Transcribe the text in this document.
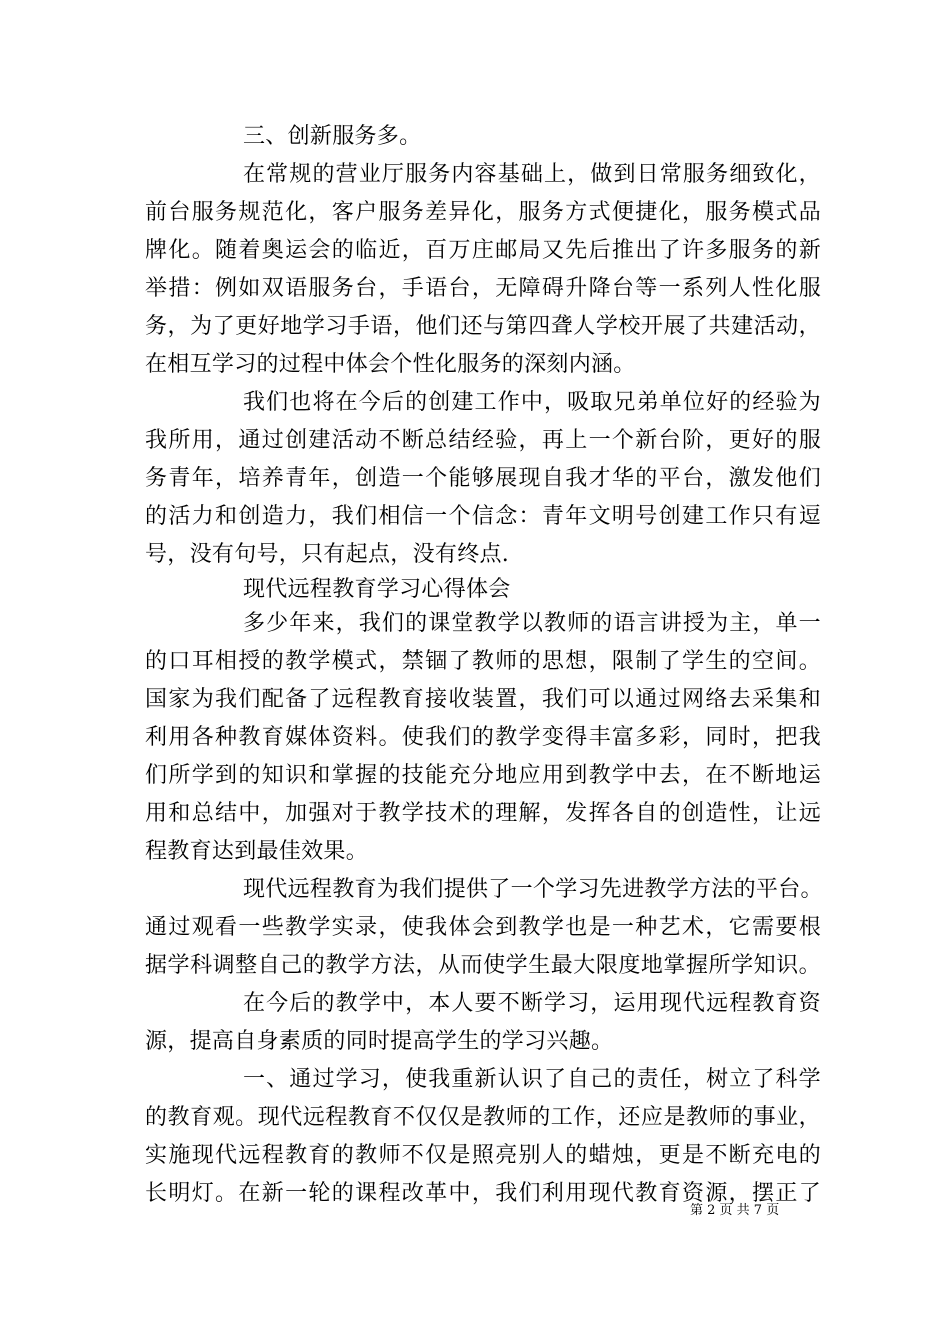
三、创新服务多。
在常规的营业厅服务内容基础上，做到日常服务细致化，
前台服务规范化，客户服务差异化，服务方式便捷化，服务模式品
牌化。随着奥运会的临近，百万庄邮局又先后推出了许多服务的新
举措：例如双语服务台，手语台，无障碍升降台等一系列人性化服
务，为了更好地学习手语，他们还与第四聋人学校开展了共建活动，
在相互学习的过程中体会个性化服务的深刻内涵。
我们也将在今后的创建工作中，吸取兄弟单位好的经验为
我所用，通过创建活动不断总结经验，再上一个新台阶，更好的服
务青年，培养青年，创造一个能够展现自我才华的平台，激发他们
的活力和创造力，我们相信一个信念：青年文明号创建工作只有逗
号，没有句号，只有起点，没有终点.
现代远程教育学习心得体会
多少年来，我们的课堂教学以教师的语言讲授为主，单一
的口耳相授的教学模式，禁锢了教师的思想，限制了学生的空间。
国家为我们配备了远程教育接收装置，我们可以通过网络去采集和
利用各种教育媒体资料。使我们的教学变得丰富多彩，同时，把我
们所学到的知识和掌握的技能充分地应用到教学中去，在不断地运
用和总结中，加强对于教学技术的理解，发挥各自的创造性，让远
程教育达到最佳效果。
现代远程教育为我们提供了一个学习先进教学方法的平台。
通过观看一些教学实录，使我体会到教学也是一种艺术，它需要根
据学科调整自己的教学方法，从而使学生最大限度地掌握所学知识。
在今后的教学中，本人要不断学习，运用现代远程教育资
源，提高自身素质的同时提高学生的学习兴趣。
一、通过学习，使我重新认识了自己的责任，树立了科学
的教育观。现代远程教育不仅仅是教师的工作，还应是教师的事业，
实施现代远程教育的教师不仅是照亮别人的蜡烛，更是不断充电的
长明灯。在新一轮的课程改革中，我们利用现代教育资源，摆正了
第 2 页 共 7 页
